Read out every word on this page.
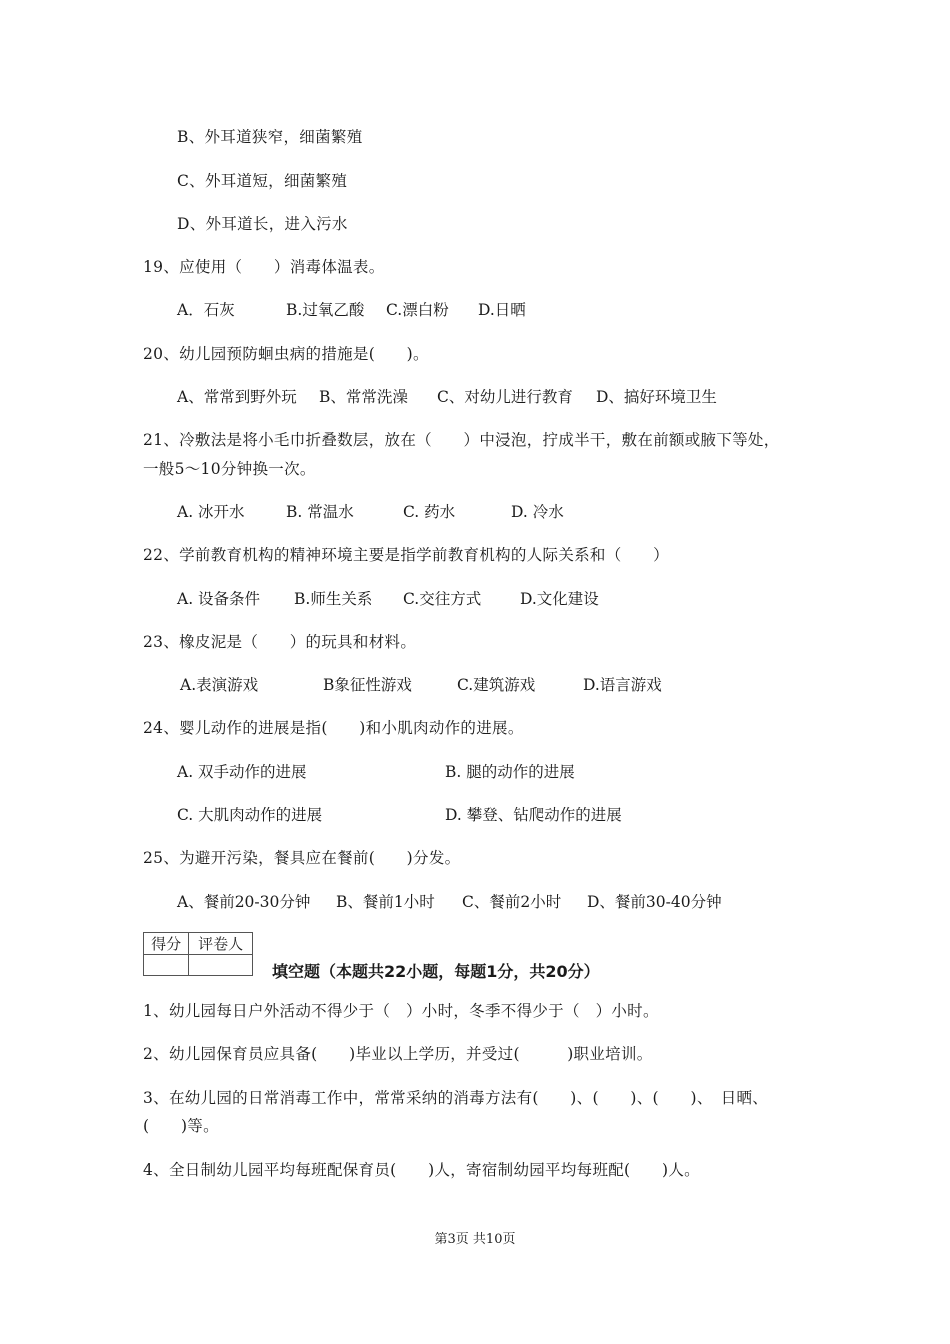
B、外耳道狭窄，细菌繁殖
C、外耳道短，细菌繁殖
D、外耳道长，进入污水
19、应使用（　　）消毒体温表。
A．石灰	B.过氧乙酸 C.漂白粉 D.日晒
20、幼儿园预防蛔虫病的措施是(　　)。
A、常常到野外玩 B、常常洗澡 C、对幼儿进行教育 D、搞好环境卫生
21、冷敷法是将小毛巾折叠数层，放在（　　）中浸泡，拧成半干，敷在前额或腋下等处，
一般5～10分钟换一次。
A. 冰开水	B. 常温水	C. 药水	D. 冷水
22、学前教育机构的精神环境主要是指学前教育机构的人际关系和（　　）
A. 设备条件 B.师生关系 C.交往方式	D.文化建设
23、橡皮泥是（　　）的玩具和材料。
A.表演游戏	B象征性游戏	C.建筑游戏	D.语言游戏
24、婴儿动作的进展是指(　　)和小肌肉动作的进展。
A. 双手动作的进展	B. 腿的动作的进展
C. 大肌肉动作的进展	D. 攀登、钻爬动作的进展
25、为避开污染，餐具应在餐前(　　)分发。
A、餐前20-30分钟 B、餐前1小时 C、餐前2小时 D、餐前30-40分钟
得分	评卷人

填空题（本题共22小题，每题1分，共20分）
1、幼儿园每日户外活动不得少于（　）小时，冬季不得少于（　）小时。
2、幼儿园保育员应具备(　　)毕业以上学历，并受过(　　　)职业培训。
3、在幼儿园的日常消毒工作中，常常采纳的消毒方法有(　　)、(　　)、(　　)、　日晒、
(　　)等。
4、全日制幼儿园平均每班配保育员(　　)人，寄宿制幼园平均每班配(　　)人。
第3页 共10页
